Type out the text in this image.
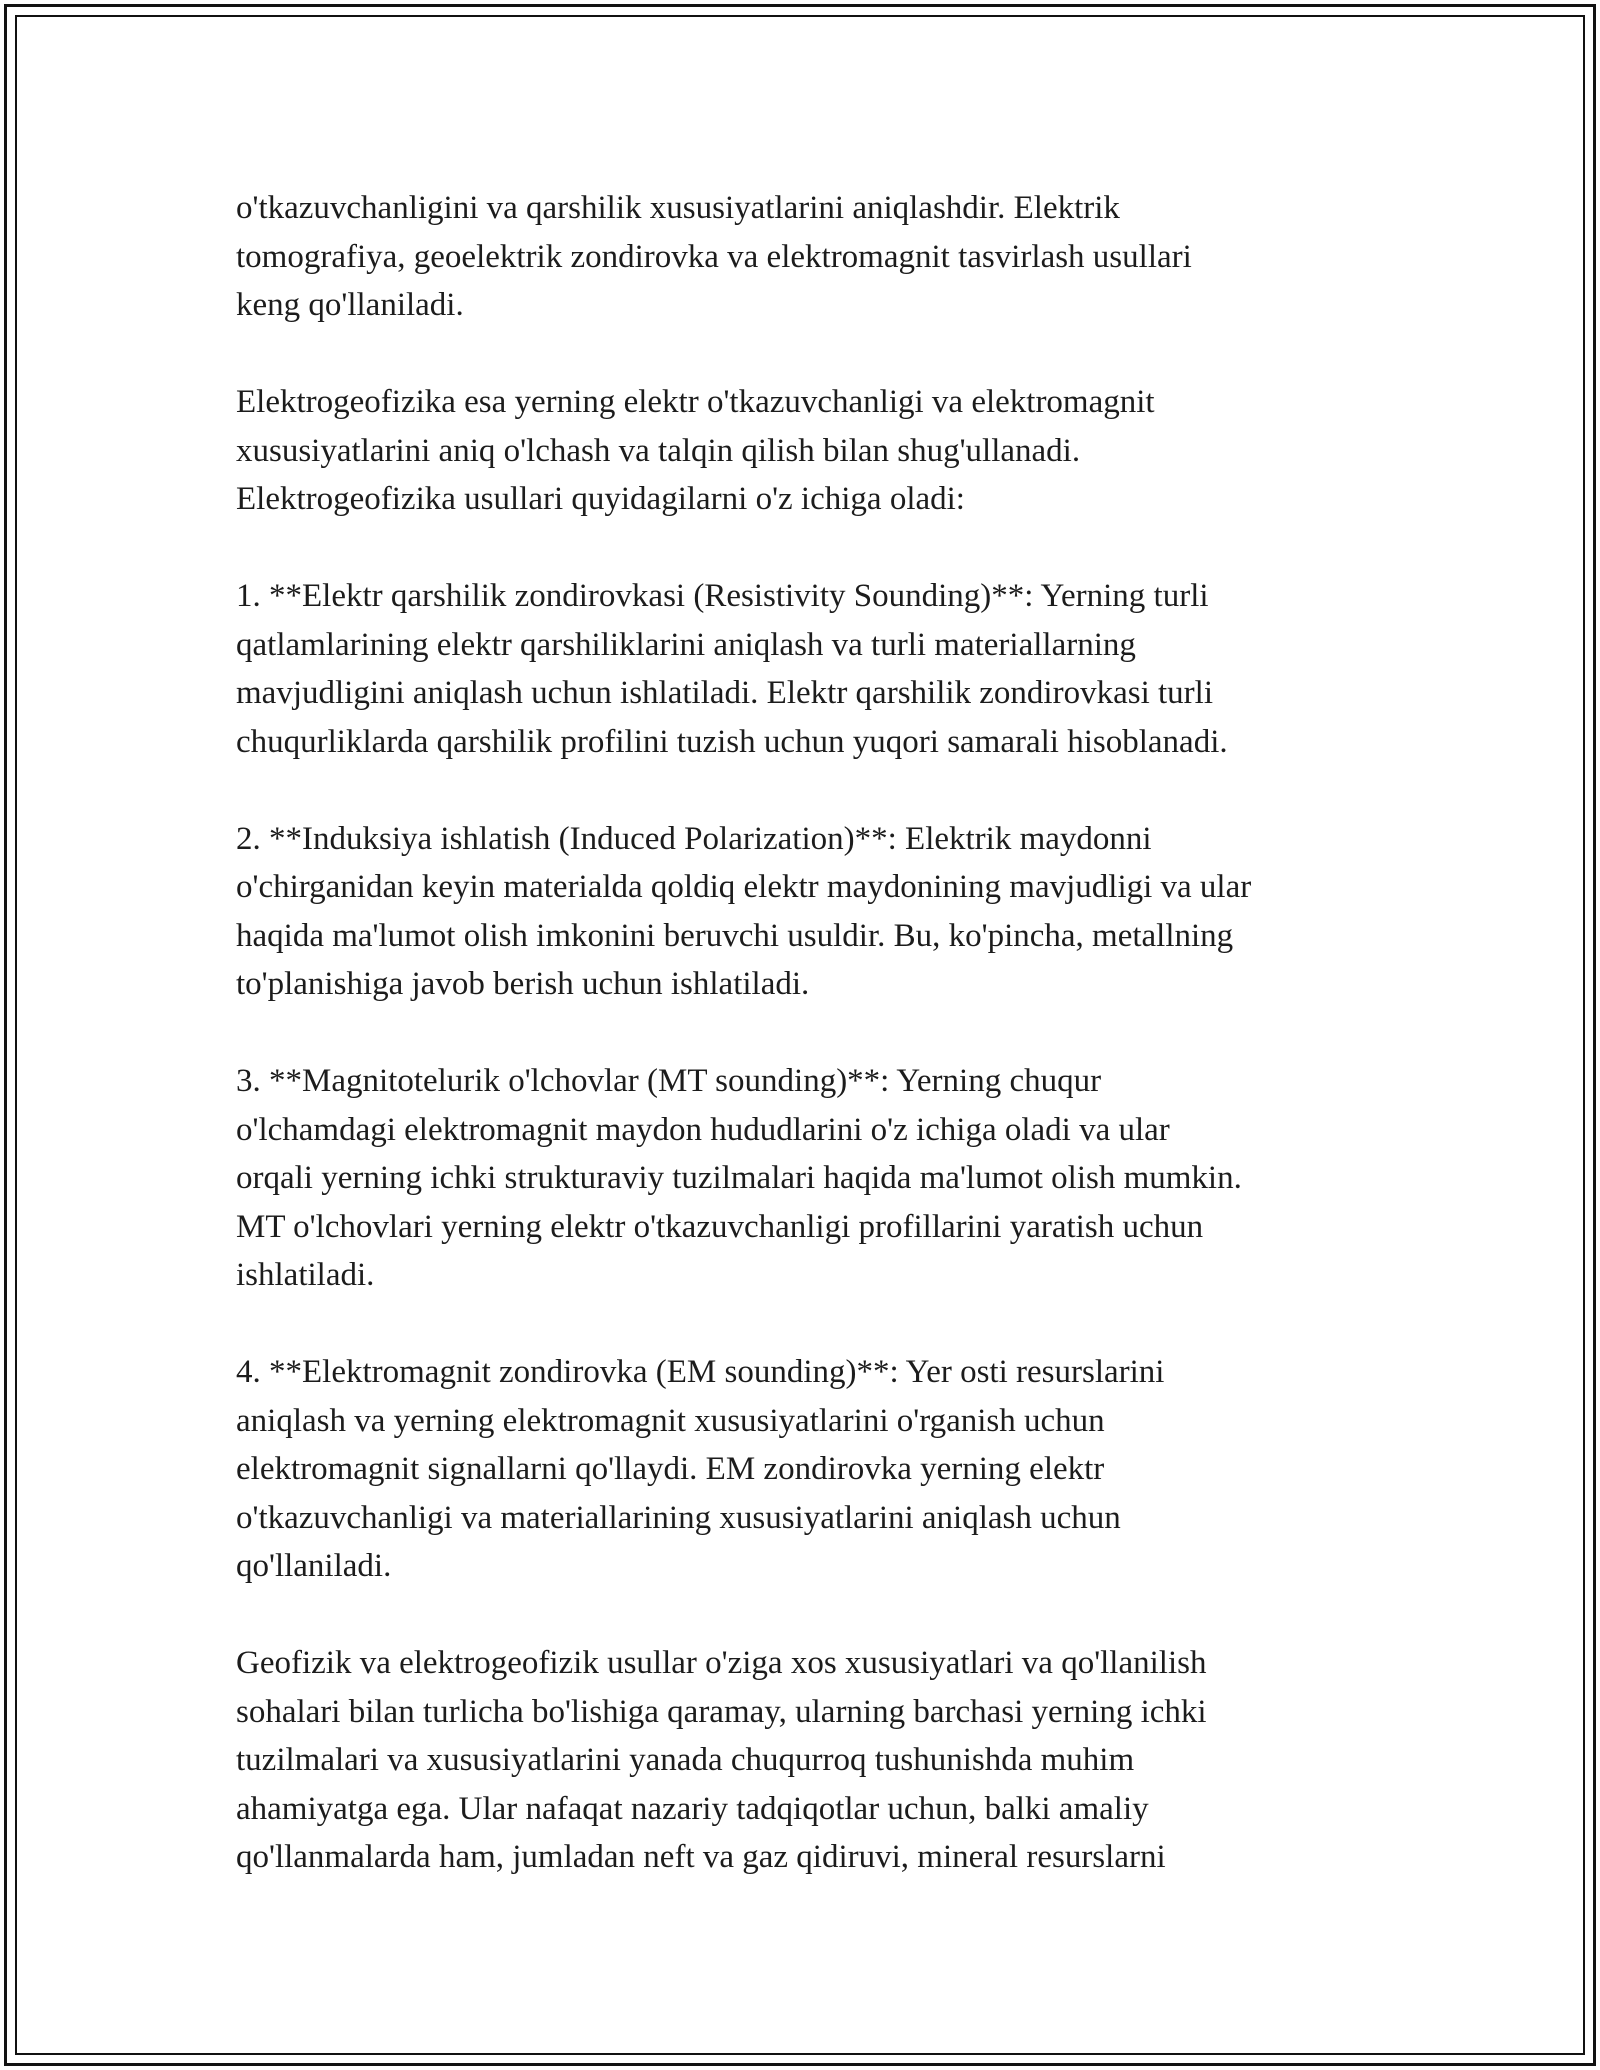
o'tkazuvchanligini va qarshilik xususiyatlarini aniqlashdir. Elektrik
tomografiya, geoelektrik zondirovka va elektromagnit tasvirlash usullari
keng qo'llaniladi.

Elektrogeofizika esa yerning elektr o'tkazuvchanligi va elektromagnit
xususiyatlarini aniq o'lchash va talqin qilish bilan shug'ullanadi.
Elektrogeofizika usullari quyidagilarni o'z ichiga oladi:

1. **Elektr qarshilik zondirovkasi (Resistivity Sounding)**: Yerning turli
qatlamlarining elektr qarshiliklarini aniqlash va turli materiallarning
mavjudligini aniqlash uchun ishlatiladi. Elektr qarshilik zondirovkasi turli
chuqurliklarda qarshilik profilini tuzish uchun yuqori samarali hisoblanadi.

2. **Induksiya ishlatish (Induced Polarization)**: Elektrik maydonni
o'chirganidan keyin materialda qoldiq elektr maydonining mavjudligi va ular
haqida ma'lumot olish imkonini beruvchi usuldir. Bu, ko'pincha, metallning
to'planishiga javob berish uchun ishlatiladi.

3. **Magnitotelurik o'lchovlar (MT sounding)**: Yerning chuqur
o'lchamdagi elektromagnit maydon hududlarini o'z ichiga oladi va ular
orqali yerning ichki strukturaviy tuzilmalari haqida ma'lumot olish mumkin.
MT o'lchovlari yerning elektr o'tkazuvchanligi profillarini yaratish uchun
ishlatiladi.

4. **Elektromagnit zondirovka (EM sounding)**: Yer osti resurslarini
aniqlash va yerning elektromagnit xususiyatlarini o'rganish uchun
elektromagnit signallarni qo'llaydi. EM zondirovka yerning elektr
o'tkazuvchanligi va materiallarining xususiyatlarini aniqlash uchun
qo'llaniladi.

Geofizik va elektrogeofizik usullar o'ziga xos xususiyatlari va qo'llanilish
sohalari bilan turlicha bo'lishiga qaramay, ularning barchasi yerning ichki
tuzilmalari va xususiyatlarini yanada chuqurroq tushunishda muhim
ahamiyatga ega. Ular nafaqat nazariy tadqiqotlar uchun, balki amaliy
qo'llanmalarda ham, jumladan neft va gaz qidiruvi, mineral resurslarni
